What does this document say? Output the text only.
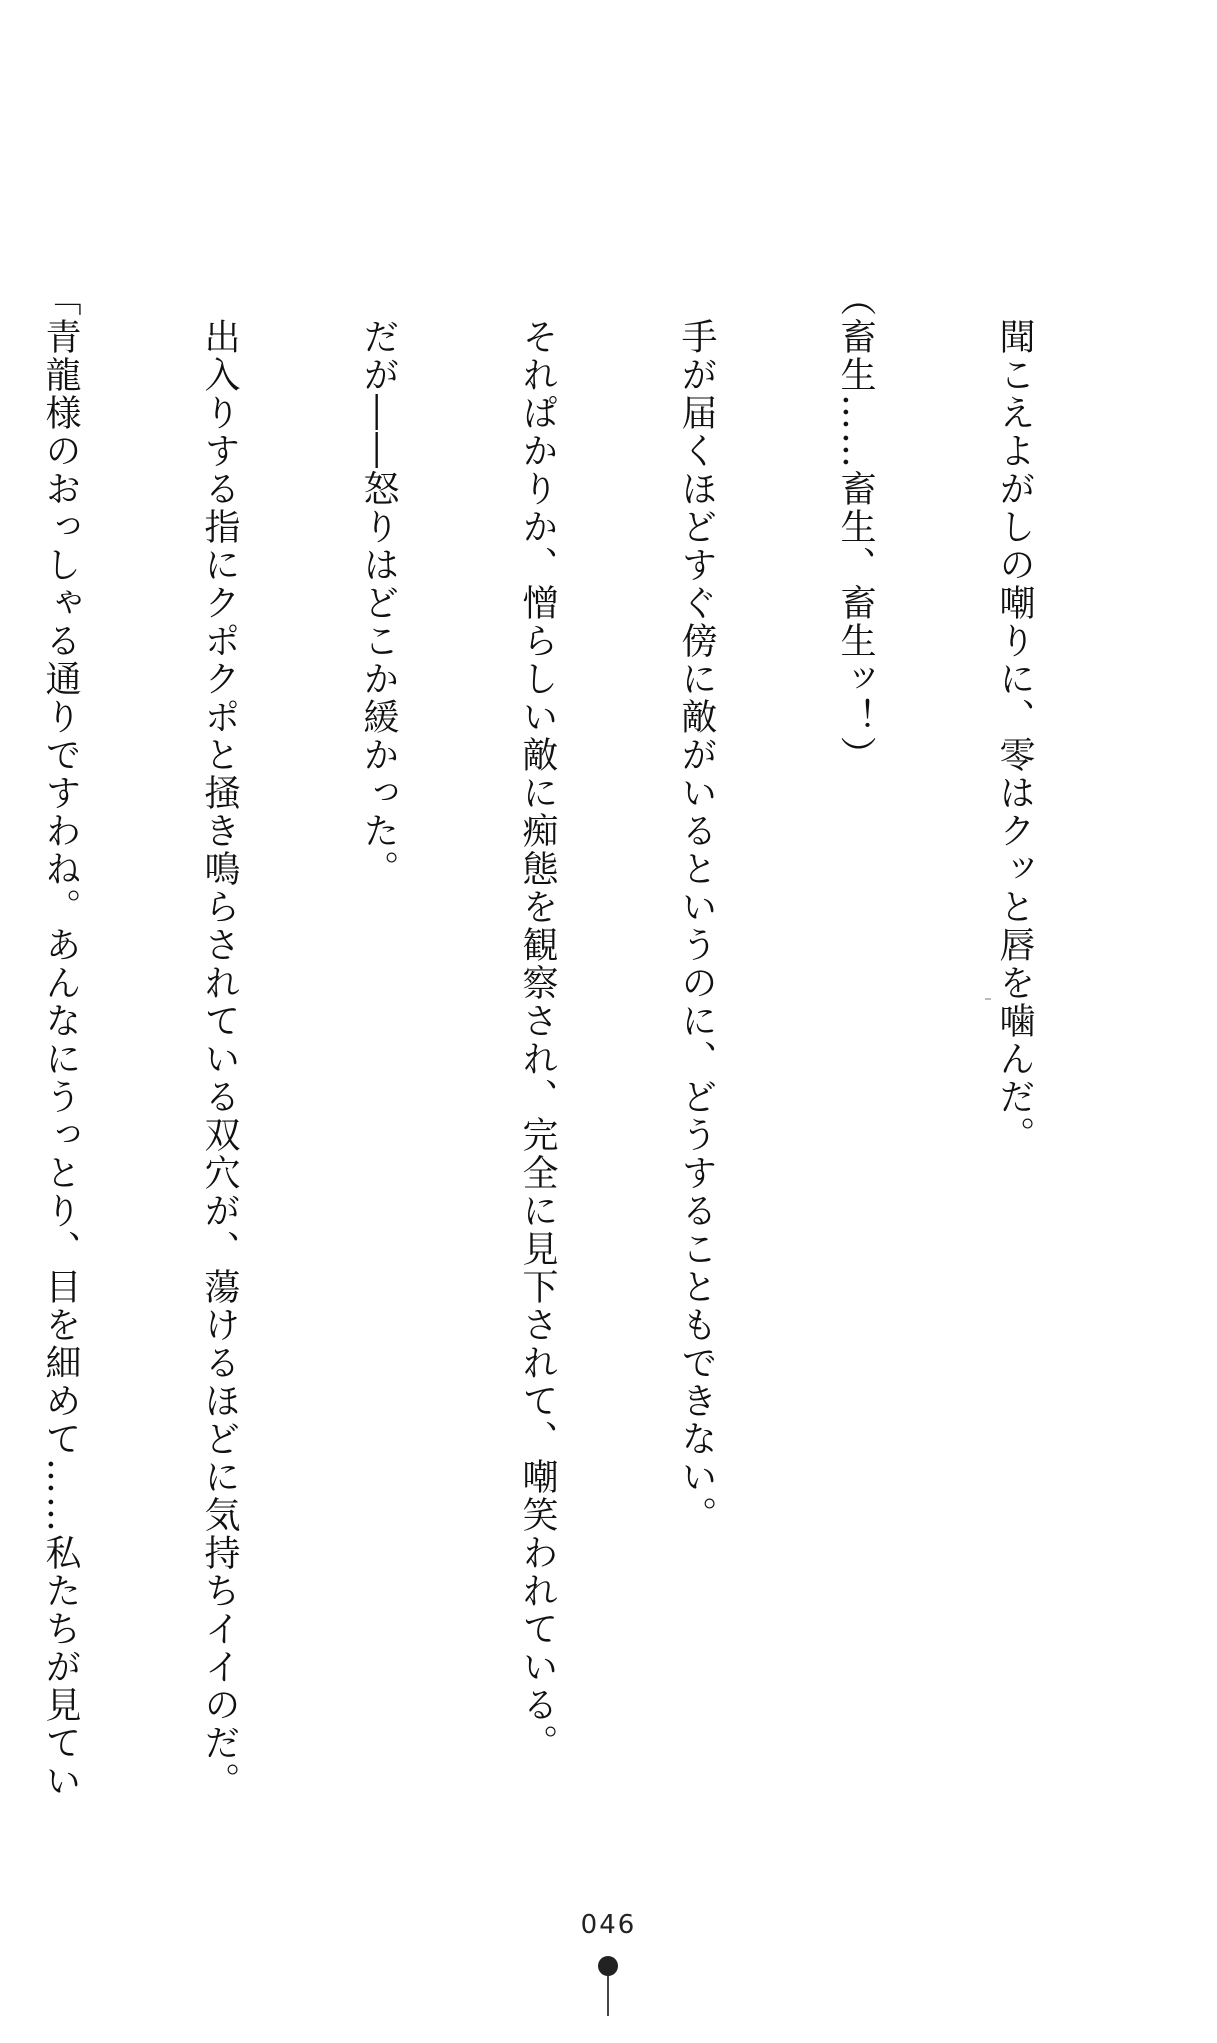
　聞こえよがしの嘲りに、零はクッと唇を噛んだ。

（畜生……畜生、畜生ッ！）

　手が届くほどすぐ傍に敵がいるというのに、どうすることもできない。

　それぱかりか、憎らしい敵に痴態を観察され、完全に見下されて、嘲笑われている。

　だが――怒りはどこか緩かった。

　出入りする指にクポクポと掻き鳴らされている双穴が、蕩けるほどに気持ちイイのだ。

「青龍様のおっしゃる通りですわね。あんなにうっとり、目を細めて……私たちが見てい

046
